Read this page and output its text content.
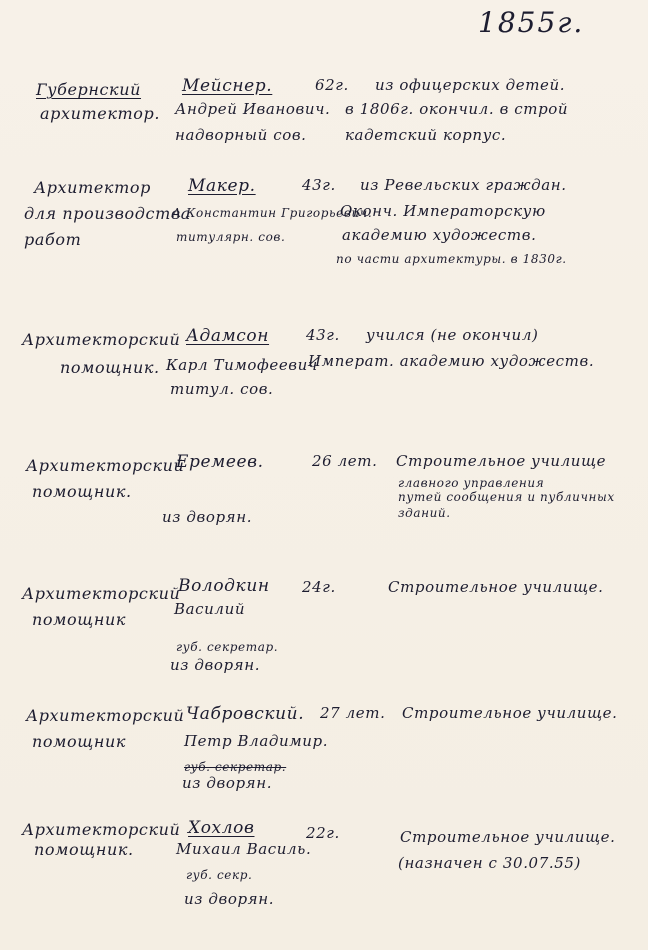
1855г.
Губернский
архитектор.
Мейснер.
Андрей Иванович.
надворный сов.
62г. из офицерских детей.
в 1806г. окончил. в строй
кадетский корпус.
Архитектор
для производства
работ
Макер.
А Константин Григорьевич.
титулярн. сов.
43г. из Ревельских граждан.
Оконч. Императорскую
академию художеств.
по части архитектуры. в 1830г.
Архитекторский
помощник.
Адамсон
Карл Тимофеевич
титул. сов.
43г. учился (не окончил)
Императ. академию художеств.
Архитекторский
помощник.
Еремеев.
из дворян.
26 лет. Строительное училище
главного управления
путей сообщения и публичных
зданий.
Архитекторский
помощник
Володкин
Василий
губ. секретар.
из дворян.
24г.	Строительное училище.
Архитекторский
помощник
Чабровский.
Петр Владимир.
губ. секретар.
из дворян.
27 лет. Строительное училище.
Архитекторский
помощник.
Хохлов
Михаил Василь.
губ. секр.
из дворян.
22г.	Строительное училище.
(назначен с 30.07.55)
